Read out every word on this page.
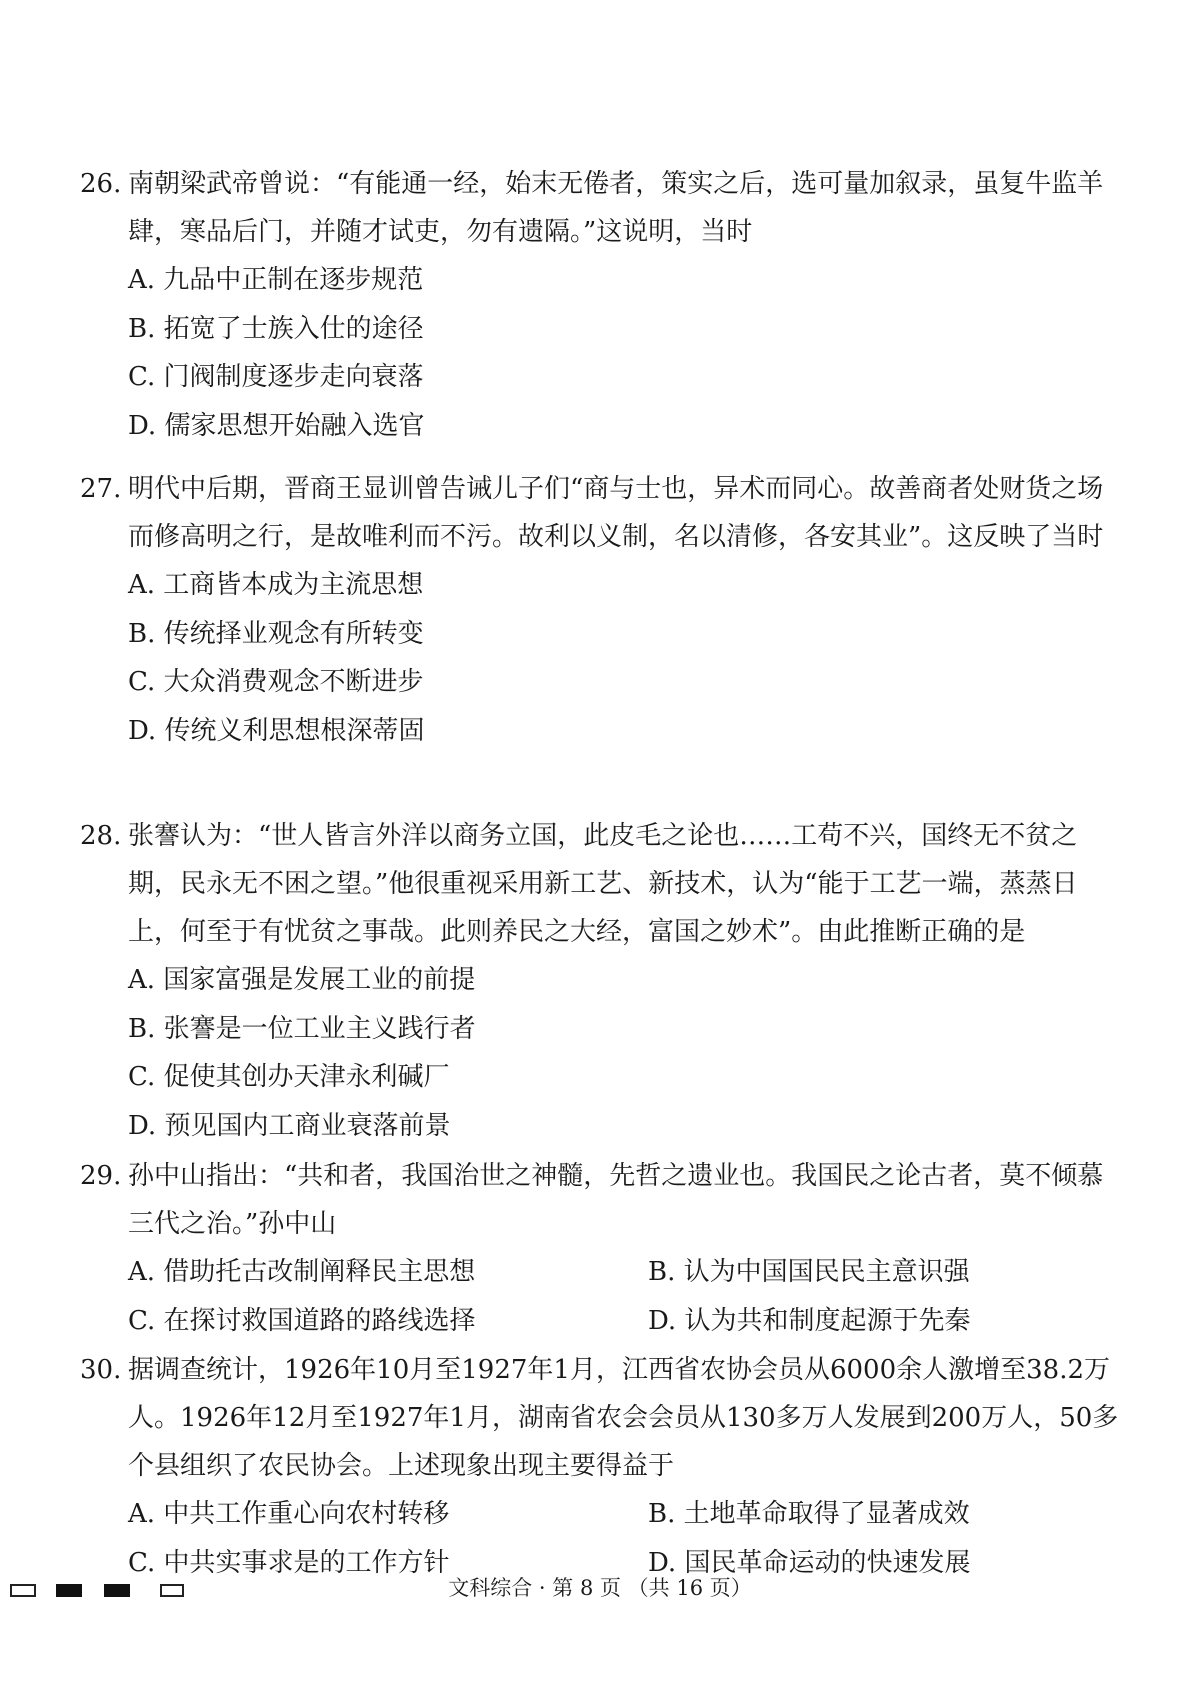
26. 南朝梁武帝曾说：“有能通一经，始末无倦者，策实之后，选可量加叙录，虽复牛监羊肆，寒品后门，并随才试吏，勿有遗隔。”这说明，当时
A. 九品中正制在逐步规范
B. 拓宽了士族入仕的途径
C. 门阀制度逐步走向衰落
D. 儒家思想开始融入选官
27. 明代中后期，晋商王显训曾告诫儿子们“商与士也，异术而同心。故善商者处财货之场而修高明之行，是故唯利而不污。故利以义制，名以清修，各安其业”。这反映了当时
A. 工商皆本成为主流思想
B. 传统择业观念有所转变
C. 大众消费观念不断进步
D. 传统义利思想根深蒂固
28. 张謇认为：“世人皆言外洋以商务立国，此皮毛之论也……工苟不兴，国终无不贫之期，民永无不困之望。”他很重视采用新工艺、新技术，认为“能于工艺一端，蒸蒸日上，何至于有忧贫之事哉。此则养民之大经，富国之妙术”。由此推断正确的是
A. 国家富强是发展工业的前提
B. 张謇是一位工业主义践行者
C. 促使其创办天津永利碱厂
D. 预见国内工商业衰落前景
29. 孙中山指出：“共和者，我国治世之神髓，先哲之遗业也。我国民之论古者，莫不倾慕三代之治。”孙中山
A. 借助托古改制阐释民主思想	B. 认为中国国民民主意识强
C. 在探讨救国道路的路线选择	D. 认为共和制度起源于先秦
30. 据调查统计，1926年10月至1927年1月，江西省农协会员从6000余人激增至38.2万人。1926年12月至1927年1月，湖南省农会会员从130多万人发展到200万人，50多个县组织了农民协会。上述现象出现主要得益于
A. 中共工作重心向农村转移	B. 土地革命取得了显著成效
C. 中共实事求是的工作方针	D. 国民革命运动的快速发展
文科综合 · 第 8 页 （共 16 页）
